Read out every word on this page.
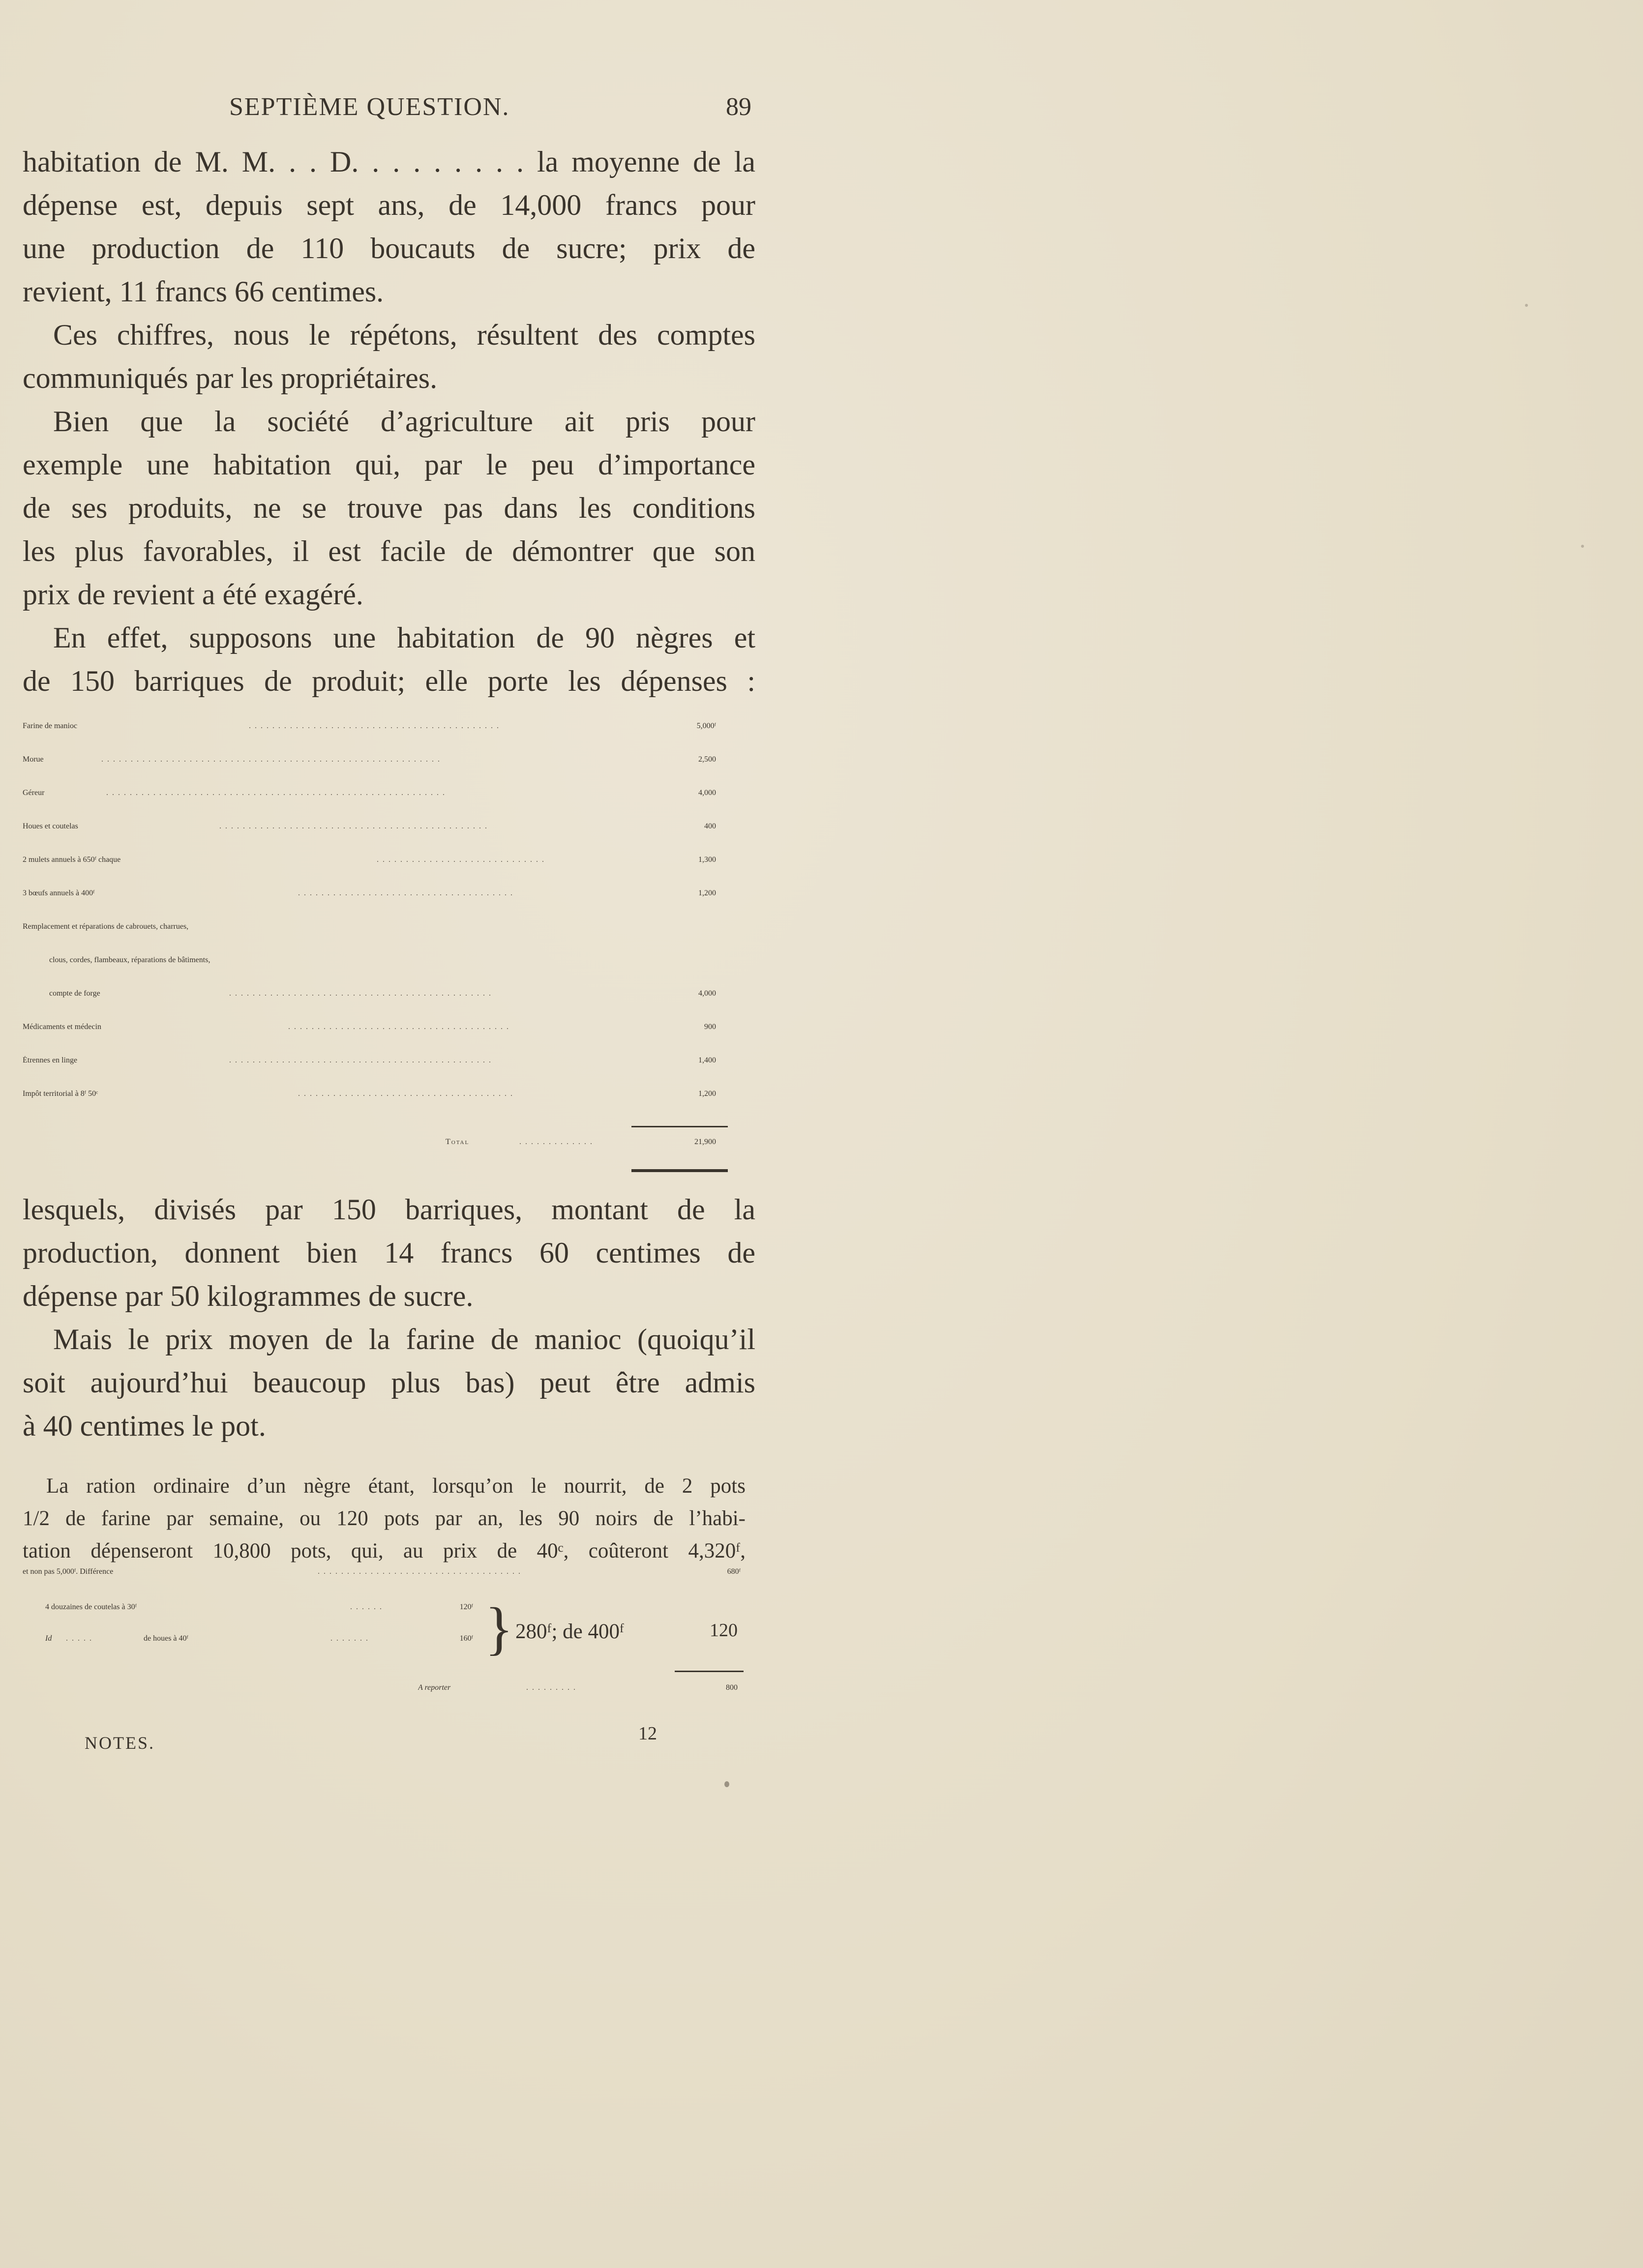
SEPTIÈME QUESTION.	89
habitation de M. M. . . D. . . . . . . . . la moyenne de la
dépense est, depuis sept ans, de 14,000 francs pour
une production de 110 boucauts de sucre; prix de
revient, 11 francs 66 centimes.
Ces chiffres, nous le répétons, résultent des comptes
communiqués par les propriétaires.
Bien que la société d’agriculture ait pris pour
exemple une habitation qui, par le peu d’importance
de ses produits, ne se trouve pas dans les conditions
les plus favorables, il est facile de démontrer que son
prix de revient a été exagéré.
En effet, supposons une habitation de 90 nègres et
de 150 barriques de produit; elle porte les dépenses :
Farine de manioc	...........................................	5,000ᶠ
Morue	..........................................................	2,500
Géreur	..........................................................	4,000
Houes et coutelas	..............................................	400
2 mulets annuels à 650ᶠ chaque	.............................	1,300
3 bœufs annuels à 400ᶠ	.....................................	1,200
Remplacement et réparations de cabrouets, charrues,
clous, cordes, flambeaux, réparations de bâtiments,
compte de forge	.............................................	4,000
Médicaments et médecin	......................................	900
Étrennes en linge	.............................................	1,400
Impôt territorial à 8ᶠ 50ᶜ	.....................................	1,200
Total	.............	21,900
lesquels, divisés par 150 barriques, montant de la
production, donnent bien 14 francs 60 centimes de
dépense par 50 kilogrammes de sucre.
Mais le prix moyen de la farine de manioc (quoiqu’il
soit aujourd’hui beaucoup plus bas) peut être admis
à 40 centimes le pot.
La ration ordinaire d’un nègre étant, lorsqu’on le nourrit, de 2 pots
1/2 de farine par semaine, ou 120 pots par an, les 90 noirs de l’habi-
tation dépenseront 10,800 pots, qui, au prix de 40ᶜ, coûteront 4,320ᶠ,
et non pas 5,000ᶠ. Différence	...................................	680ᶠ
4 douzaines de coutelas à 30ᶠ	......	120ᶠ
Id .....	de houes à 40ᶠ	.......	160ᶠ } 280ᶠ; de 400ᶠ	120
A reporter	.........	800
NOTES.	12
